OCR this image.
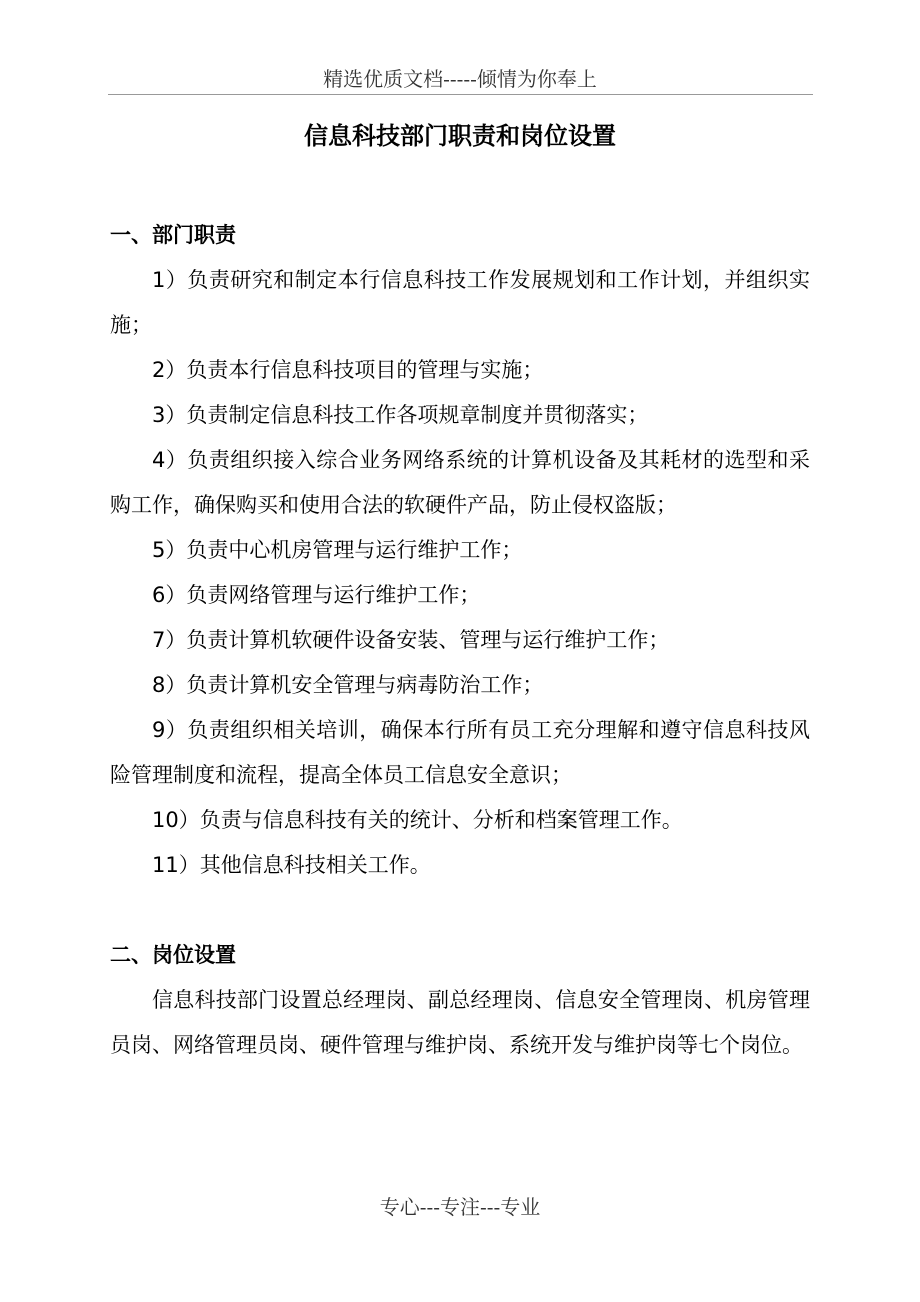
精选优质文档-----倾情为你奉上
信息科技部门职责和岗位设置
一、部门职责

1）负责研究和制定本行信息科技工作发展规划和工作计划，并组织实施；

2）负责本行信息科技项目的管理与实施；

3）负责制定信息科技工作各项规章制度并贯彻落实；

4）负责组织接入综合业务网络系统的计算机设备及其耗材的选型和采购工作，确保购买和使用合法的软硬件产品，防止侵权盗版；

5）负责中心机房管理与运行维护工作；

6）负责网络管理与运行维护工作；

7）负责计算机软硬件设备安装、管理与运行维护工作；

8）负责计算机安全管理与病毒防治工作；

9）负责组织相关培训，确保本行所有员工充分理解和遵守信息科技风险管理制度和流程，提高全体员工信息安全意识；

10）负责与信息科技有关的统计、分析和档案管理工作。

11）其他信息科技相关工作。

二、岗位设置

信息科技部门设置总经理岗、副总经理岗、信息安全管理岗、机房管理员岗、网络管理员岗、硬件管理与维护岗、系统开发与维护岗等七个岗位。

专心---专注---专业
